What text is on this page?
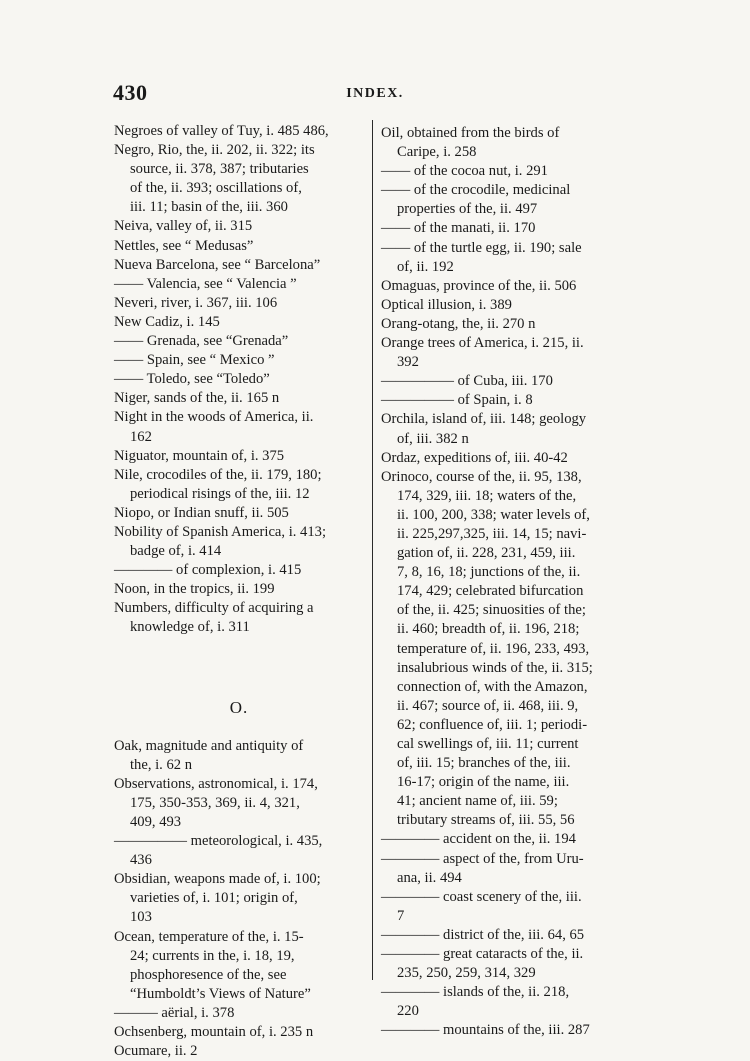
430	INDEX.
Negroes of valley of Tuy, i. 485 486,
Negro, Rio, the, ii. 202, ii. 322; its
source, ii. 378, 387; tributaries
of the, ii. 393; oscillations of,
iii. 11; basin of the, iii. 360
Neiva, valley of, ii. 315
Nettles, see “ Medusas”
Nueva Barcelona, see “ Barcelona”
—— Valencia, see “ Valencia ”
Neveri, river, i. 367, iii. 106
New Cadiz, i. 145
—— Grenada, see “Grenada”
—— Spain, see “ Mexico ”
—— Toledo, see “Toledo”
Niger, sands of the, ii. 165 n
Night in the woods of America, ii.
162
Niguator, mountain of, i. 375
Nile, crocodiles of the, ii. 179, 180;
periodical risings of the, iii. 12
Niopo, or Indian snuff, ii. 505
Nobility of Spanish America, i. 413;
badge of, i. 414
———— of complexion, i. 415
Noon, in the tropics, ii. 199
Numbers, difficulty of acquiring a
knowledge of, i. 311
O.
Oak, magnitude and antiquity of
the, i. 62 n
Observations, astronomical, i. 174,
175, 350-353, 369, ii. 4, 321,
409, 493
————— meteorological, i. 435,
436
Obsidian, weapons made of, i. 100;
varieties of, i. 101; origin of,
103
Ocean, temperature of the, i. 15-
24; currents in the, i. 18, 19,
phosphoresence of the, see
“Humboldt’s Views of Nature”
——— aërial, i. 378
Ochsenberg, mountain of, i. 235 n
Ocumare, ii. 2
Oil, obtained from the birds of
Caripe, i. 258
—— of the cocoa nut, i. 291
—— of the crocodile, medicinal
properties of the, ii. 497
—— of the manati, ii. 170
—— of the turtle egg, ii. 190; sale
of, ii. 192
Omaguas, province of the, ii. 506
Optical illusion, i. 389
Orang-otang, the, ii. 270 n
Orange trees of America, i. 215, ii.
392
————— of Cuba, iii. 170
————— of Spain, i. 8
Orchila, island of, iii. 148; geology
of, iii. 382 n
Ordaz, expeditions of, iii. 40-42
Orinoco, course of the, ii. 95, 138,
174, 329, iii. 18; waters of the,
ii. 100, 200, 338; water levels of,
ii. 225,297,325, iii. 14, 15; navi-
gation of, ii. 228, 231, 459, iii.
7, 8, 16, 18; junctions of the, ii.
174, 429; celebrated bifurcation
of the, ii. 425; sinuosities of the;
ii. 460; breadth of, ii. 196, 218;
temperature of, ii. 196, 233, 493,
insalubrious winds of the, ii. 315;
connection of, with the Amazon,
ii. 467; source of, ii. 468, iii. 9,
62; confluence of, iii. 1; periodi-
cal swellings of, iii. 11; current
of, iii. 15; branches of the, iii.
16-17; origin of the name, iii.
41; ancient name of, iii. 59;
tributary streams of, iii. 55, 56
———— accident on the, ii. 194
———— aspect of the, from Uru-
ana, ii. 494
———— coast scenery of the, iii.
7
———— district of the, iii. 64, 65
———— great cataracts of the, ii.
235, 250, 259, 314, 329
———— islands of the, ii. 218,
220
———— mountains of the, iii. 287
